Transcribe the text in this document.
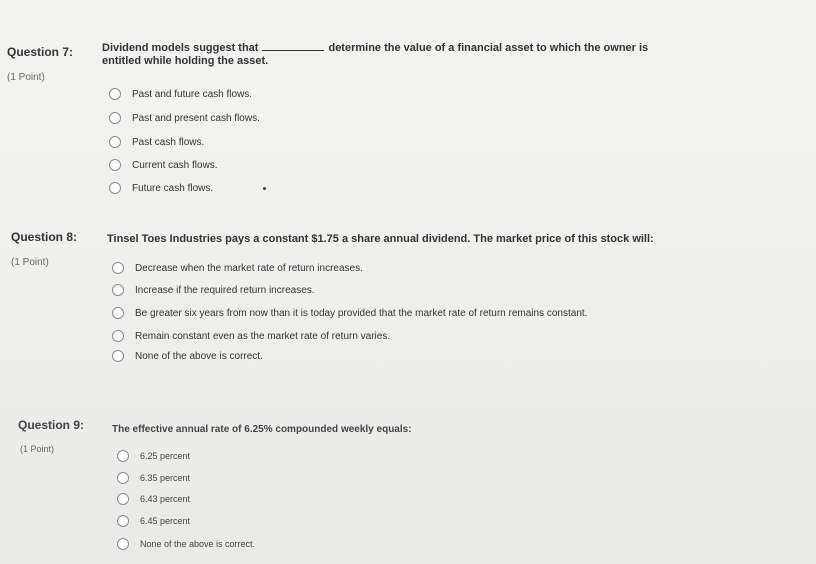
Question 7:
(1 Point)
Dividend models suggest that	determine the value of a financial asset to which the owner is
entitled while holding the asset.
Past and future cash flows.
Past and present cash flows.
Past cash flows.
Current cash flows.
Future cash flows.
Question 8:
(1 Point)
Tinsel Toes Industries pays a constant $1.75 a share annual dividend. The market price of this stock will:
Decrease when the market rate of return increases.
Increase if the required return increases.
Be greater six years from now than it is today provided that the market rate of return remains constant.
Remain constant even as the market rate of return varies.
None of the above is correct.
Question 9:
(1 Point)
The effective annual rate of 6.25% compounded weekly equals:
6.25 percent
6.35 percent
6.43 percent
6.45 percent
None of the above is correct.
